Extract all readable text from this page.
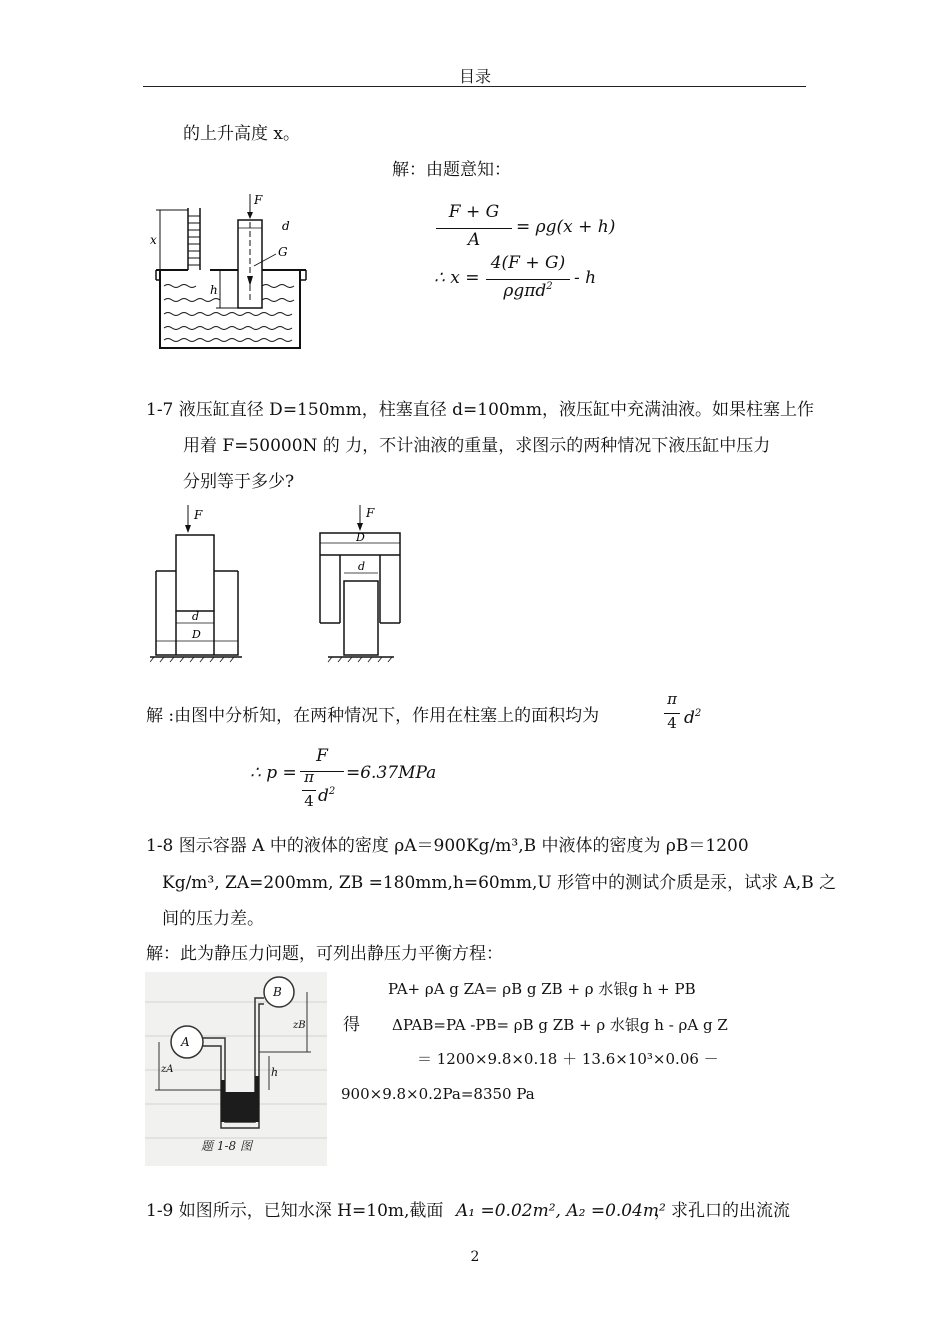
目录
的上升高度 x。
解：由题意知：
x
F
d
G
h
F + G
A
= ρg(x + h)
∴ x =
4(F + G)
ρgπd$^2$	- h
1-7 液压缸直径 D=150mm，柱塞直径 d=100mm，液压缸中充满油液。如果柱塞上作
用着 F=50000N 的 力，不计油液的重量，求图示的两种情况下液压缸中压力
分别等于多少?
F
d
D
F
D
d
解 :由图中分析知，在两种情况下，作用在柱塞上的面积均为
π
4 $d^2$
∴ p =
F
π
4 $d^2$
=6.37MPa
1-8 图示容器 A 中的液体的密度 ρA＝900Kg/m³,B 中液体的密度为 ρB＝1200
Kg/m³, ZA=200mm, ZB =180mm,h=60mm,U 形管中的测试介质是汞，试求 A,B 之
间的压力差。
解：此为静压力问题，可列出静压力平衡方程：
A
B
zA
zB
h
题 1-8 图
PA+ ρA g ZA= ρB g ZB + ρ 水银g h + PB
得 ΔPAB=PA -PB= ρB g ZB + ρ 水银g h - ρA g Z
＝ 1200×9.8×0.18 ＋ 13.6×10³×0.06 －
900×9.8×0.2Pa=8350 Pa
1-9 如图所示，已知水深 H=10m,截面 A₁ =0.02m², A₂ =0.04m²
，求孔口的出流流
2
